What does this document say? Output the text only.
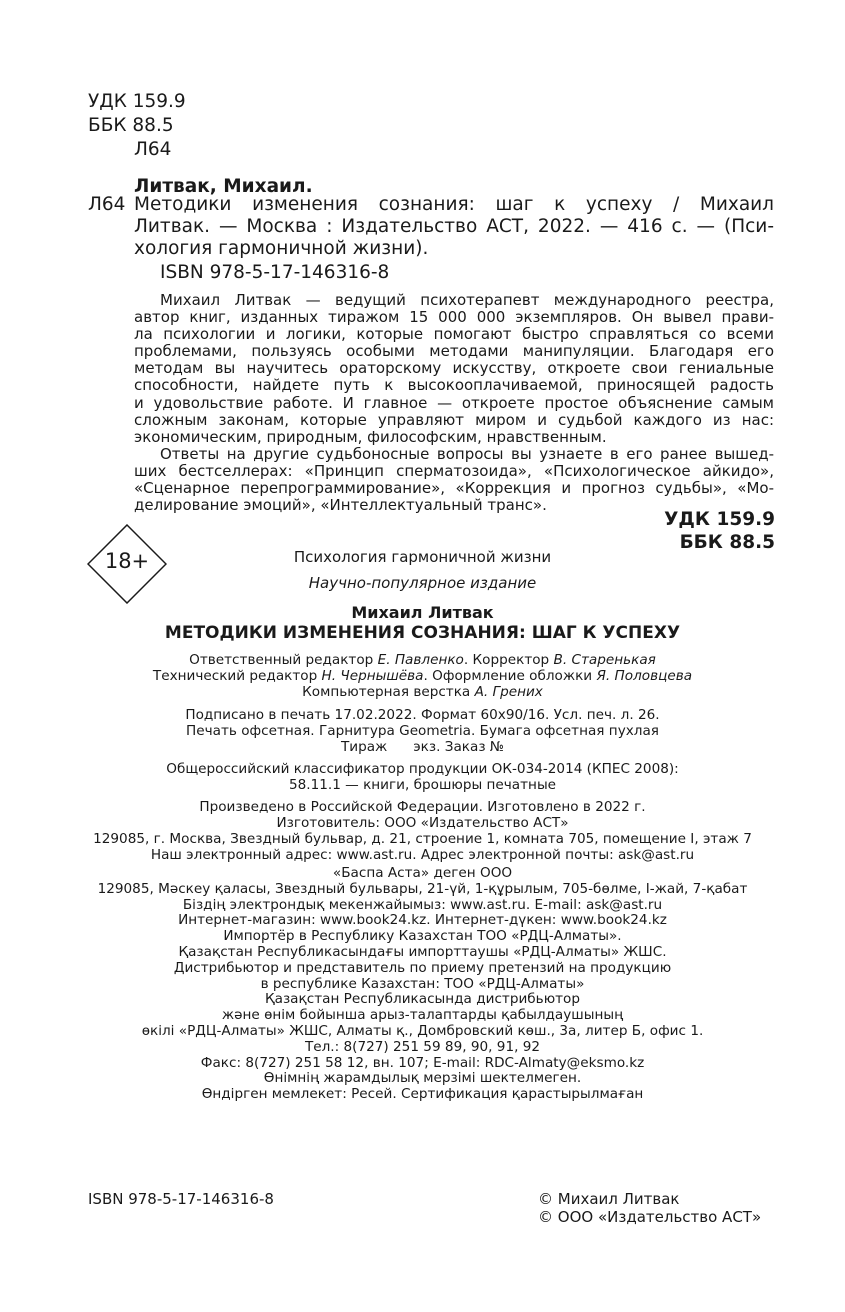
УДК 159.9
ББК 88.5
Л64
Литвак, Михаил.
Л64 Методики изменения сознания: шаг к успеху / Михаил
Литвак. — Москва : Издательство АСТ, 2022. — 416 с. — (Пси-
хология гармоничной жизни).
ISBN 978-5-17-146316-8
Михаил Литвак — ведущий психотерапевт международного реестра,
автор книг, изданных тиражом 15 000 000 экземпляров. Он вывел прави-
ла психологии и логики, которые помогают быстро справляться со всеми
проблемами, пользуясь особыми методами манипуляции. Благодаря его
методам вы научитесь ораторскому искусству, откроете свои гениальные
способности, найдете путь к высокооплачиваемой, приносящей радость
и удовольствие работе. И главное — откроете простое объяснение самым
сложным законам, которые управляют миром и судьбой каждого из нас:
экономическим, природным, философским, нравственным.
Ответы на другие судьбоносные вопросы вы узнаете в его ранее вышед-
ших бестселлерах: «Принцип сперматозоида», «Психологическое айкидо»,
«Сценарное перепрограммирование», «Коррекция и прогноз судьбы», «Мо-
делирование эмоций», «Интеллектуальный транс».
УДК 159.9
ББК 88.5
18+	Психология гармоничной жизни
Научно-популярное издание
Михаил Литвак
МЕТОДИКИ ИЗМЕНЕНИЯ СОЗНАНИЯ: ШАГ К УСПЕХУ
Ответственный редактор Е. Павленко. Корректор В. Старенькая
Технический редактор Н. Чернышёва. Оформление обложки Я. Половцева
Компьютерная верстка А. Грених
Подписано в печать 17.02.2022. Формат 60х90/16. Усл. печ. л. 26.
Печать офсетная. Гарнитура Geometria. Бумага офсетная пухлая
Тираж      экз. Заказ №
Общероссийский классификатор продукции ОК-034-2014 (КПЕС 2008):
58.11.1 — книги, брошюры печатные
Произведено в Российской Федерации. Изготовлено в 2022 г.
Изготовитель: ООО «Издательство АСТ»
129085, г. Москва, Звездный бульвар, д. 21, строение 1, комната 705, помещение I, этаж 7
Наш электронный адрес: www.ast.ru. Адрес электронной почты: ask@ast.ru
«Баспа Аста» деген ООО
129085, Мәскеу қаласы, Звездный бульвары, 21-үй, 1-құрылым, 705-бөлме, I-жай, 7-қабат
Біздің электрондық мекенжайымыз: www.ast.ru. E-mail: ask@ast.ru
Интернет-магазин: www.book24.kz. Интернет-дүкен: www.book24.kz
Импортёр в Республику Казахстан ТОО «РДЦ-Алматы».
Қазақстан Республикасындағы импорттаушы «РДЦ-Алматы» ЖШС.
Дистрибьютор и представитель по приему претензий на продукцию
в республике Казахстан: ТОО «РДЦ-Алматы»
Қазақстан Республикасында дистрибьютор
және өнім бойынша арыз-талаптарды қабылдаушының
өкілі «РДЦ-Алматы» ЖШС, Алматы қ., Домбровский көш., 3а, литер Б, офис 1.
Тел.: 8(727) 251 59 89, 90, 91, 92
Факс: 8(727) 251 58 12, вн. 107; E-mail: RDC-Almaty@eksmo.kz
Өнімнің жарамдылық мерзімі шектелмеген.
Өндірген мемлекет: Ресей. Сертификация қарастырылмаған
ISBN 978-5-17-146316-8	© Михаил Литвак
© ООО «Издательство АСТ»
